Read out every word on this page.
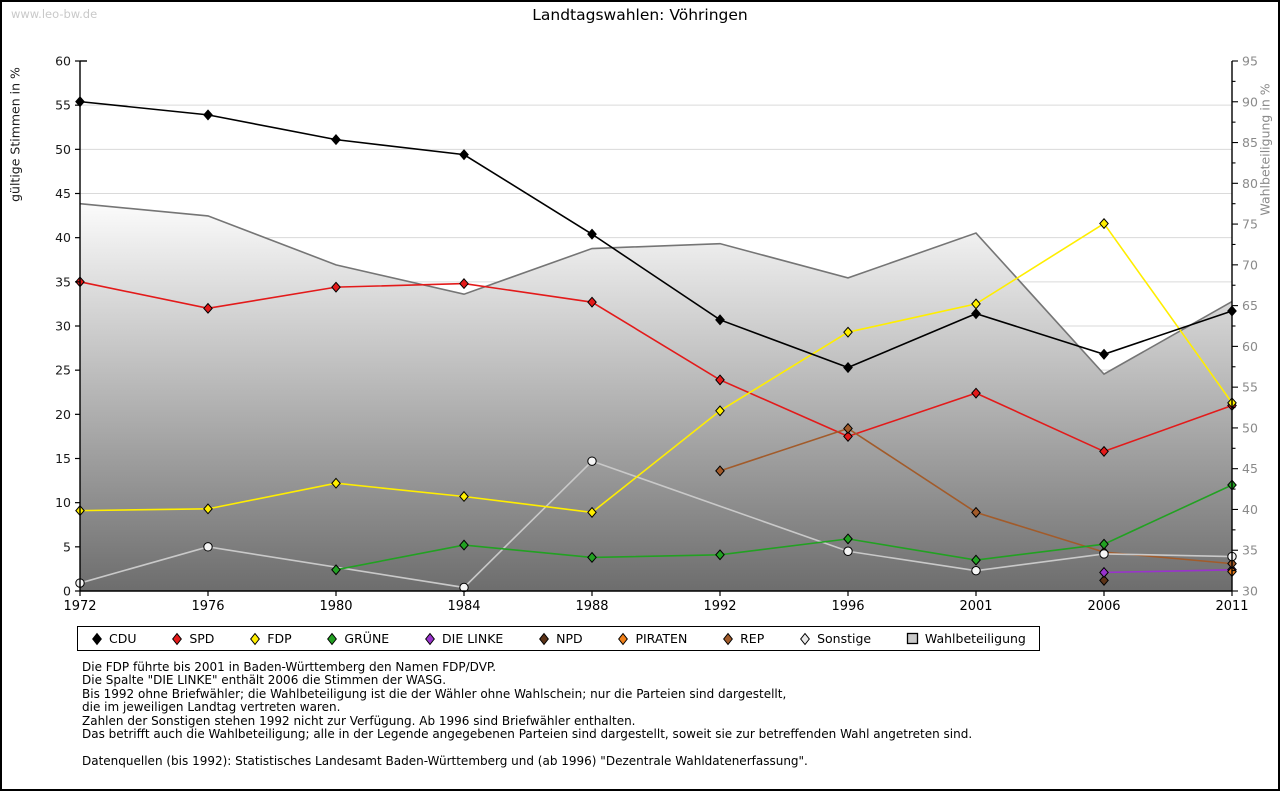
www.leo-bw.de	Landtagswahlen: Vöhringen
0
5
10
15
20
25
30
35
40
45
50
55
60
30
35
40
45
50
55
60
65
70
75
80
85
90
95
1972	1976	1980	1984	1988	1992	1996	2001	2006	2011
gültige Stimmen in %	Wahlbeteiligung in %
CDU	SPD	FDP	GRÜNE	DIE LINKE	NPD	PIRATEN	REP	Sonstige	Wahlbeteiligung
Die FDP führte bis 2001 in Baden-Württemberg den Namen FDP/DVP.
Die Spalte "DIE LINKE" enthält 2006 die Stimmen der WASG.
Bis 1992 ohne Briefwähler; die Wahlbeteiligung ist die der Wähler ohne Wahlschein; nur die Parteien sind dargestellt,
die im jeweiligen Landtag vertreten waren.
Zahlen der Sonstigen stehen 1992 nicht zur Verfügung. Ab 1996 sind Briefwähler enthalten.
Das betrifft auch die Wahlbeteiligung; alle in der Legende angegebenen Parteien sind dargestellt, soweit sie zur betreffenden Wahl angetreten sind.
Datenquellen (bis 1992): Statistisches Landesamt Baden-Württemberg und (ab 1996) "Dezentrale Wahldatenerfassung".
